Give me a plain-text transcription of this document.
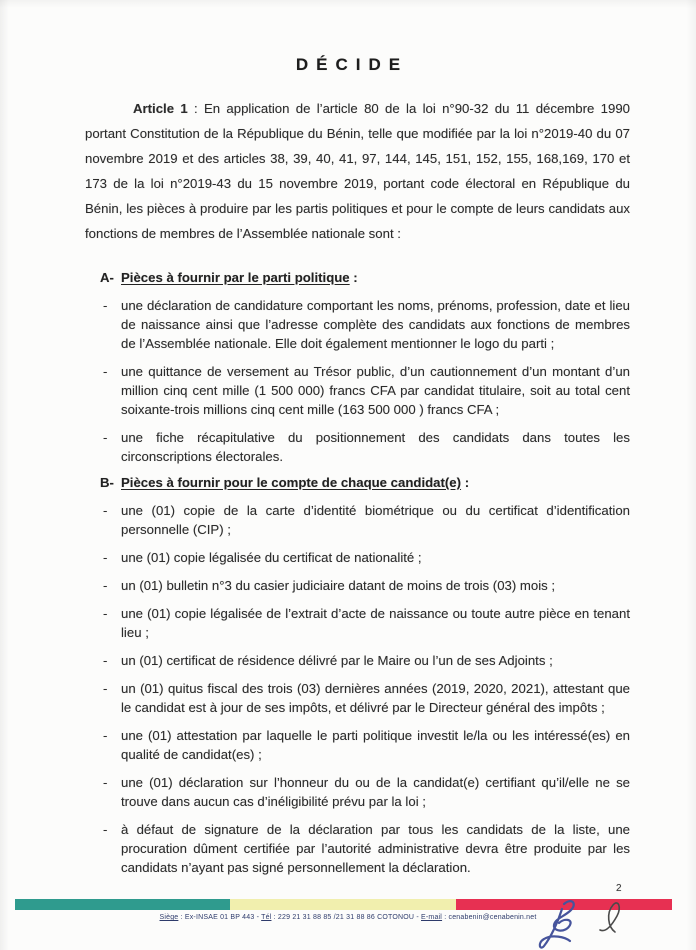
DÉCIDE

Article 1 : En application de l’article 80 de la loi n°90-32 du 11 décembre 1990 portant Constitution de la République du Bénin, telle que modifiée par la loi n°2019-40 du 07 novembre 2019 et des articles 38, 39, 40, 41, 97, 144, 145, 151, 152, 155, 168,169, 170 et 173 de la loi n°2019-43 du 15 novembre 2019, portant code électoral en République du Bénin, les pièces à produire par les partis politiques et pour le compte de leurs candidats aux fonctions de membres de l’Assemblée nationale sont :

A- Pièces à fournir par le parti politique :
-	une déclaration de candidature comportant les noms, prénoms, profession, date et lieu de naissance ainsi que l’adresse complète des candidats aux fonctions de membres de l’Assemblée nationale. Elle doit également mentionner le logo du parti ;
-	une quittance de versement au Trésor public, d’un cautionnement d’un montant d’un million cinq cent mille (1 500 000) francs CFA par candidat titulaire, soit au total cent soixante-trois millions cinq cent mille (163 500 000 ) francs CFA ;
-	une fiche récapitulative du positionnement des candidats dans toutes les circonscriptions électorales.
B- Pièces à fournir pour le compte de chaque candidat(e) :
-	une (01) copie de la carte d’identité biométrique ou du certificat d’identification personnelle (CIP) ;
-	une (01) copie légalisée du certificat de nationalité ;
-	un (01) bulletin n°3 du casier judiciaire datant de moins de trois (03) mois ;
-	une (01) copie légalisée de l’extrait d’acte de naissance ou toute autre pièce en tenant lieu ;
-	un (01) certificat de résidence délivré par le Maire ou l’un de ses Adjoints ;
-	un (01) quitus fiscal des trois (03) dernières années (2019, 2020, 2021), attestant que le candidat est à jour de ses impôts, et délivré par le Directeur général des impôts ;
-	une (01) attestation par laquelle le parti politique investit le/la ou les intéressé(es) en qualité de candidat(es) ;
-	une (01) déclaration sur l’honneur du ou de la candidat(e) certifiant qu’il/elle ne se trouve dans aucun cas d’inéligibilité prévu par la loi ;
-	à défaut de signature de la déclaration par tous les candidats de la liste, une procuration dûment certifiée par l’autorité administrative devra être produite par les candidats n’ayant pas signé personnellement la déclaration.
2
Siège : Ex-INSAE 01 BP 443 - Tél : 229 21 31 88 85 /21 31 88 86 COTONOU - E-mail : cenabenin@cenabenin.net
